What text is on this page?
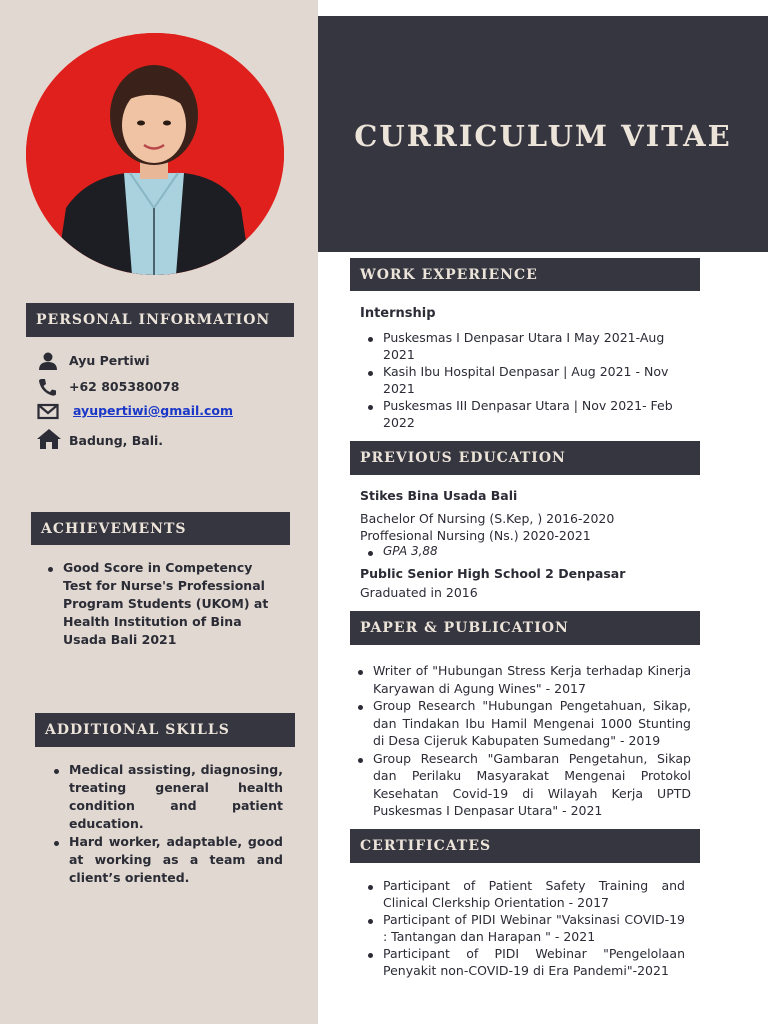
CURRICULUM VITAE
PERSONAL INFORMATION
Ayu Pertiwi
+62 805380078
ayupertiwi@gmail.com
Badung, Bali.
ACHIEVEMENTS
Good Score in Competency Test for Nurse's Professional Program Students (UKOM) at Health Institution of Bina Usada Bali 2021
ADDITIONAL SKILLS
Medical assisting, diagnosing, treating general health condition and patient education.
Hard worker, adaptable, good at working as a team and client’s oriented.
WORK EXPERIENCE
Internship
Puskesmas I Denpasar Utara I May 2021-Aug 2021
Kasih Ibu Hospital Denpasar | Aug 2021 - Nov 2021
Puskesmas III Denpasar Utara | Nov 2021- Feb 2022
PREVIOUS EDUCATION
Stikes Bina Usada Bali
Bachelor Of Nursing (S.Kep, ) 2016-2020
Proffesional Nursing (Ns.) 2020-2021
GPA 3,88
Public Senior High School 2 Denpasar
Graduated in 2016
PAPER & PUBLICATION
Writer of "Hubungan Stress Kerja terhadap Kinerja Karyawan di Agung Wines" - 2017
Group Research "Hubungan Pengetahuan, Sikap, dan Tindakan Ibu Hamil Mengenai 1000 Stunting di Desa Cijeruk Kabupaten Sumedang" - 2019
Group Research "Gambaran Pengetahun, Sikap dan Perilaku Masyarakat Mengenai Protokol Kesehatan Covid-19 di Wilayah Kerja UPTD Puskesmas I Denpasar Utara" - 2021
CERTIFICATES
Participant of Patient Safety Training and Clinical Clerkship Orientation - 2017
Participant of PIDI Webinar "Vaksinasi COVID-19 : Tantangan dan Harapan " - 2021
Participant of PIDI Webinar "Pengelolaan Penyakit non-COVID-19 di Era Pandemi"-2021
